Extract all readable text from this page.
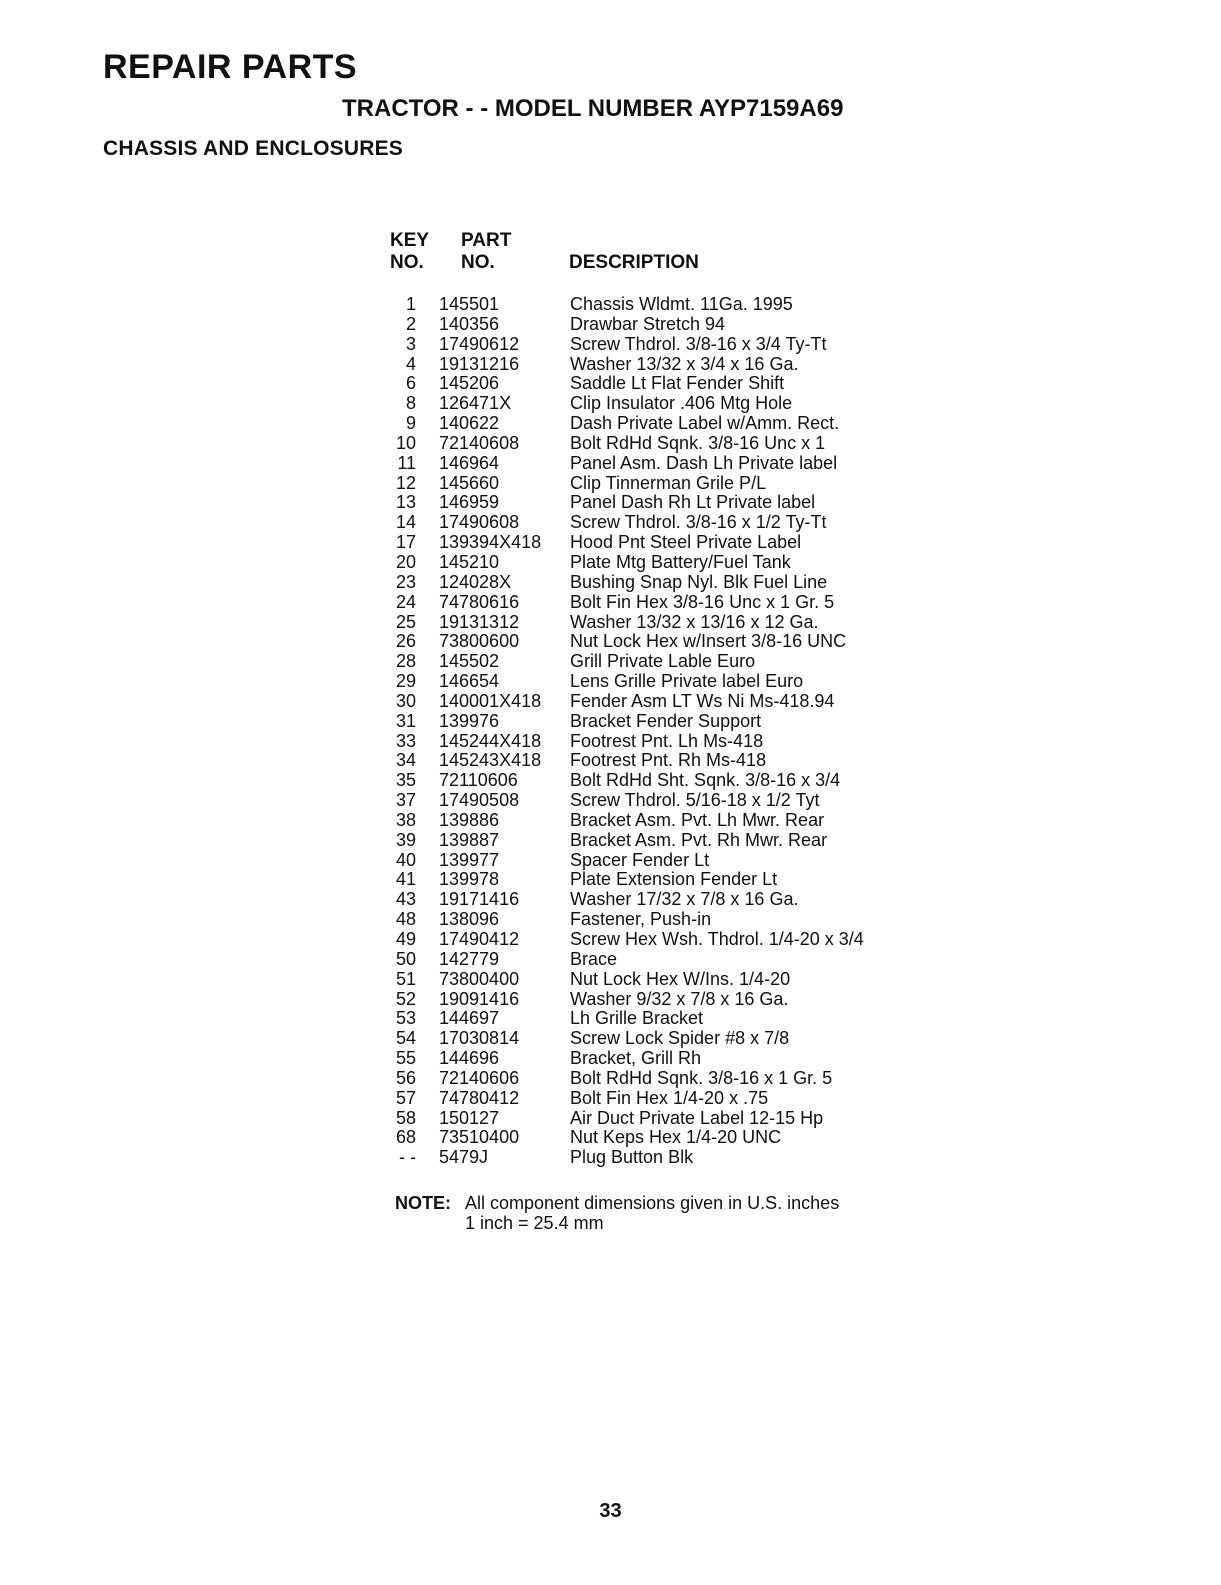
REPAIR PARTS
TRACTOR - - MODEL NUMBER AYP7159A69
CHASSIS AND ENCLOSURES
KEY
NO.
PART
NO.	DESCRIPTION
1	145501	Chassis Wldmt. 11Ga. 1995
2	140356	Drawbar Stretch 94
3	17490612	Screw Thdrol. 3/8-16 x 3/4 Ty-Tt
4	19131216	Washer 13/32 x 3/4 x 16 Ga.
6	145206	Saddle Lt Flat Fender Shift
8	126471X	Clip Insulator .406 Mtg Hole
9	140622	Dash Private Label w/Amm. Rect.
10	72140608	Bolt RdHd Sqnk. 3/8-16 Unc x 1
11	146964	Panel Asm. Dash Lh Private label
12	145660	Clip Tinnerman Grile P/L
13	146959	Panel Dash Rh Lt Private label
14	17490608	Screw Thdrol. 3/8-16 x 1/2 Ty-Tt
17	139394X418	Hood Pnt Steel Private Label
20	145210	Plate Mtg Battery/Fuel Tank
23	124028X	Bushing Snap Nyl. Blk Fuel Line
24	74780616	Bolt Fin Hex 3/8-16 Unc x 1 Gr. 5
25	19131312	Washer 13/32 x 13/16 x 12 Ga.
26	73800600	Nut Lock Hex w/Insert 3/8-16 UNC
28	145502	Grill Private Lable Euro
29	146654	Lens Grille Private label Euro
30	140001X418	Fender Asm LT Ws Ni Ms-418.94
31	139976	Bracket Fender Support
33	145244X418	Footrest Pnt. Lh Ms-418
34	145243X418	Footrest Pnt. Rh Ms-418
35	72110606	Bolt RdHd Sht. Sqnk. 3/8-16 x 3/4
37	17490508	Screw Thdrol. 5/16-18 x 1/2 Tyt
38	139886	Bracket Asm. Pvt. Lh Mwr. Rear
39	139887	Bracket Asm. Pvt. Rh Mwr. Rear
40	139977	Spacer Fender Lt
41	139978	Plate Extension Fender Lt
43	19171416	Washer 17/32 x 7/8 x 16 Ga.
48	138096	Fastener, Push-in
49	17490412	Screw Hex Wsh. Thdrol. 1/4-20 x 3/4
50	142779	Brace
51	73800400	Nut Lock Hex W/Ins. 1/4-20
52	19091416	Washer 9/32 x 7/8 x 16 Ga.
53	144697	Lh Grille Bracket
54	17030814	Screw Lock Spider #8 x 7/8
55	144696	Bracket, Grill Rh
56	72140606	Bolt RdHd Sqnk. 3/8-16 x 1 Gr. 5
57	74780412	Bolt Fin Hex 1/4-20 x .75
58	150127	Air Duct Private Label 12-15 Hp
68	73510400	Nut Keps Hex 1/4-20 UNC
- -	5479J	Plug Button Blk
NOTE: All component dimensions given in U.S. inches
1 inch = 25.4 mm
33
